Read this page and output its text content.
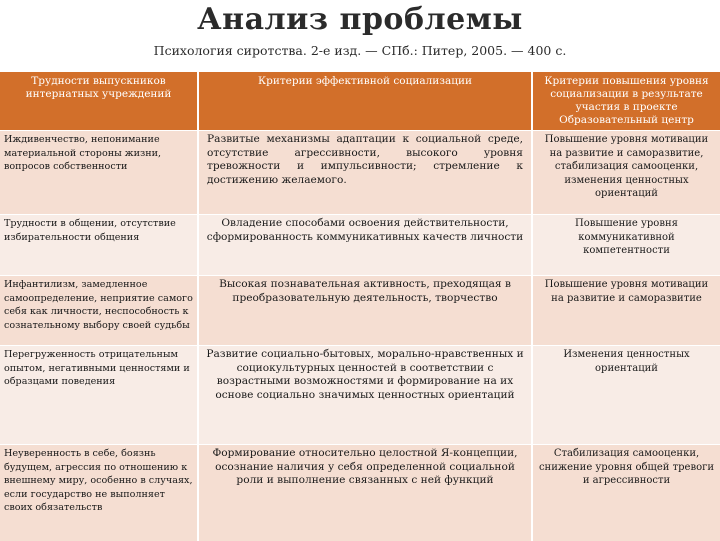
Анализ проблемы
Психология сиротства. 2-е изд. — СПб.: Питер, 2005. — 400 с.
Трудности выпускников интернатных учреждений	Критерии эффективной социализации	Критерии повышения уровня социализации в результате участия в проекте Образовательный центр
Иждивенчество, непонимание материальной стороны жизни, вопросов собственности	Развитые механизмы адаптации к социальной среде, отсутствие агрессивности, высокого уровня тревожности и импульсивности; стремление к достижению желаемого.	Повышение уровня мотивации на развитие и саморазвитие, стабилизация самооценки, изменения ценностных ориентаций
Трудности в общении, отсутствие избирательности общения	Овладение способами освоения действительности, сформированность коммуникативных качеств личности	Повышение уровня коммуникативной компетентности
Инфантилизм, замедленное самоопределение, неприятие самого себя как личности, неспособность к сознательному выбору своей судьбы	Высокая познавательная активность, преходящая в преобразовательную деятельность, творчество	Повышение уровня мотивации на развитие и саморазвитие
Перегруженность отрицательным опытом, негативными ценностями и образцами поведения	Развитие социально-бытовых, морально-нравственных и социокультурных ценностей в соответствии с возрастными возможностями и формирование на их основе социально значимых ценностных ориентаций	Изменения ценностных ориентаций
Неуверенность в себе, боязнь будущем, агрессия по отношению к внешнему миру, особенно в случаях, если государство не выполняет своих обязательств	Формирование относительно целостной Я-концепции, осознание наличия у себя определенной социальной роли и выполнение связанных с ней функций	Стабилизация самооценки, снижение уровня общей тревоги и агрессивности
